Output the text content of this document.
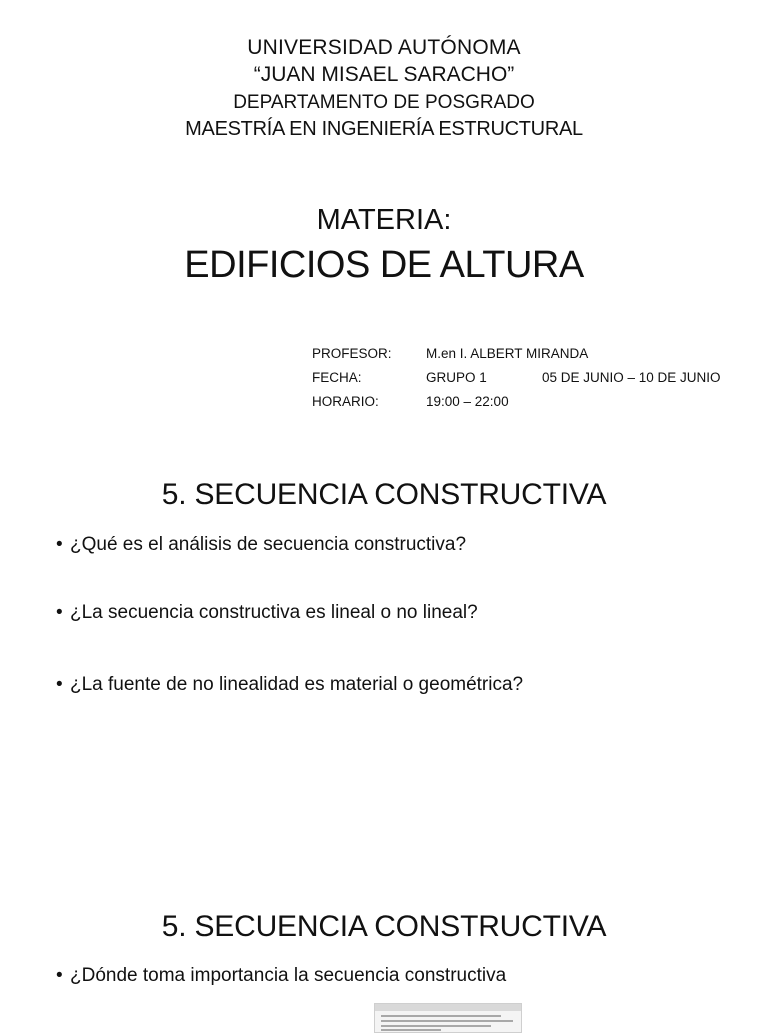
UNIVERSIDAD AUTÓNOMA
“JUAN MISAEL SARACHO”
DEPARTAMENTO DE POSGRADO
MAESTRÍA EN INGENIERÍA ESTRUCTURAL
MATERIA:
EDIFICIOS DE ALTURA
PROFESOR:	M.en I. ALBERT MIRANDA
FECHA:	GRUPO 1	05 DE JUNIO – 10 DE JUNIO
HORARIO:	19:00 – 22:00
5. SECUENCIA CONSTRUCTIVA
• ¿Qué es el análisis de secuencia constructiva?
• ¿La secuencia constructiva es lineal o no lineal?
• ¿La fuente de no linealidad es material o geométrica?
5. SECUENCIA CONSTRUCTIVA
• ¿Dónde toma importancia la secuencia constructiva
